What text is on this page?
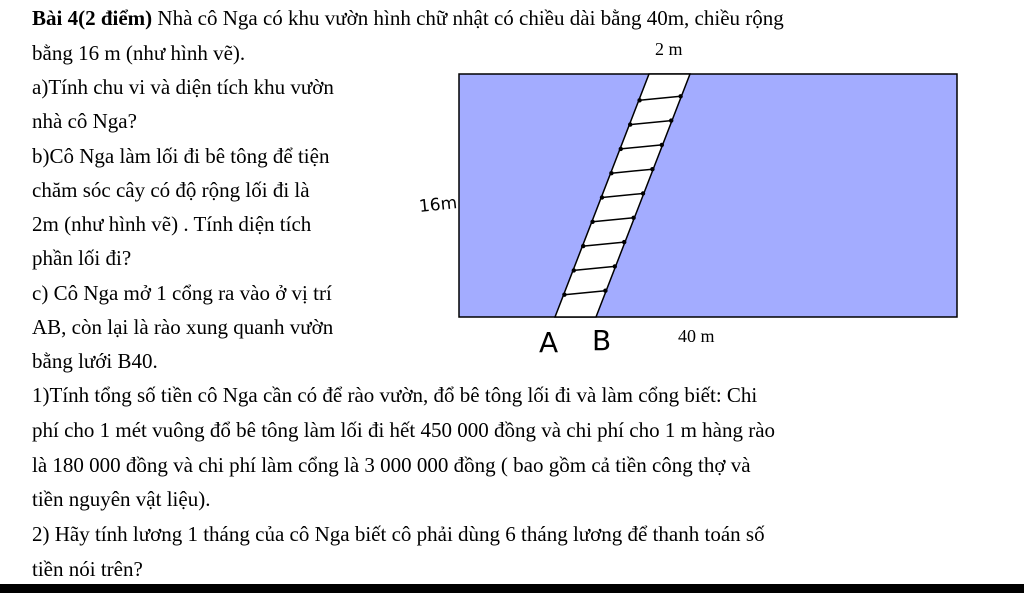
Bài 4(2 điểm) Nhà cô Nga có khu vườn hình chữ nhật có chiều dài bằng 40m, chiều rộng
bằng 16 m (như hình vẽ).
a)Tính chu vi và diện tích khu vườn
nhà cô Nga?
b)Cô Nga làm lối đi bê tông để tiện
chăm sóc cây có độ rộng lối đi là
2m (như hình vẽ) . Tính diện tích
phần lối đi?
c) Cô Nga mở 1 cổng ra vào ở vị trí
AB, còn lại là rào xung quanh vườn
bằng lưới B40.
1)Tính tổng số tiền cô Nga cần có để rào vườn, đổ bê tông lối đi và làm cổng biết: Chi
phí cho 1 mét vuông đổ bê tông làm lối đi hết 450 000 đồng và chi phí cho 1 m hàng rào
là 180 000 đồng và chi phí làm cổng là 3 000 000 đồng ( bao gồm cả tiền công thợ và
tiền nguyên vật liệu).
2) Hãy tính lương 1 tháng của cô Nga biết cô phải dùng 6 tháng lương để thanh toán số
tiền nói trên?
2 m
40 m
16m
A B
